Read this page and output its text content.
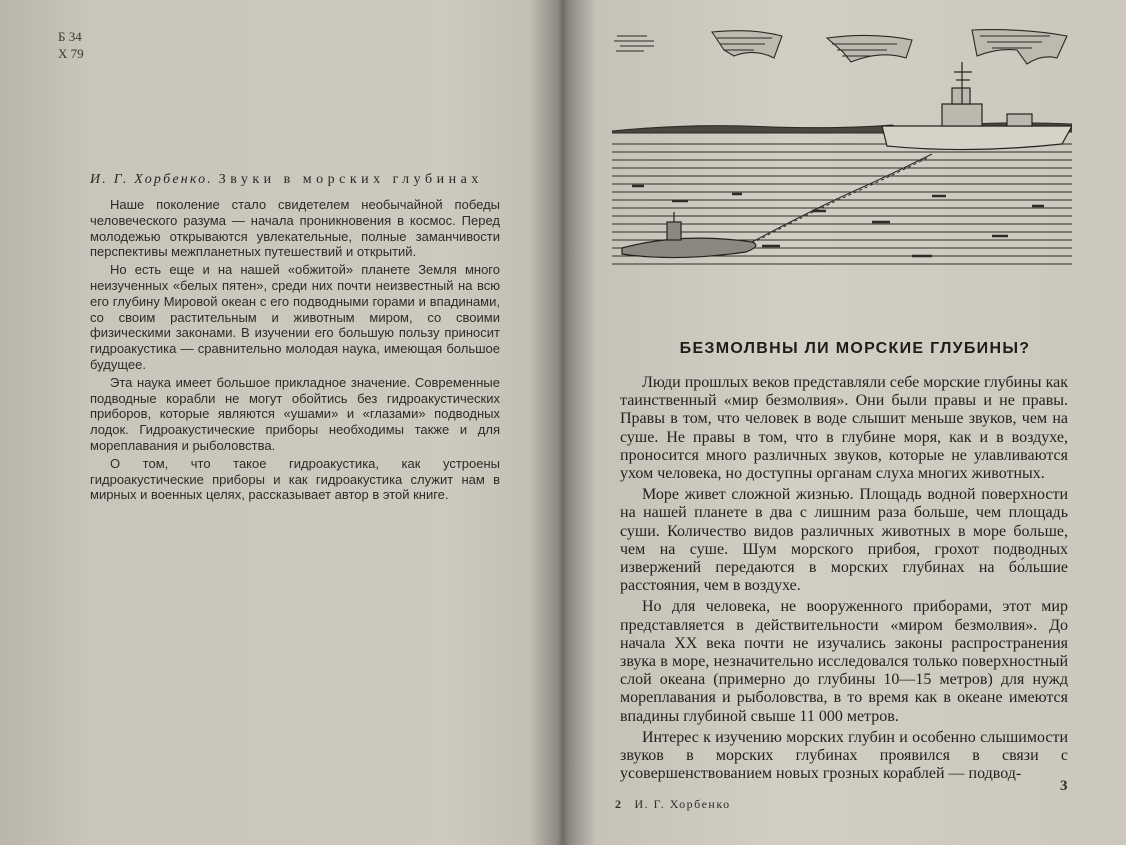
Б 34
Х 79
И. Г. Хорбенко. Звуки в морских глубинах

Наше поколение стало свидетелем необычайной победы человеческого разума — начала проникновения в космос. Перед молодежью открываются увлекательные, полные заманчивости перспективы межпланетных путешествий и открытий.

Но есть еще и на нашей «обжитой» планете Земля много неизученных «белых пятен», среди них почти неизвестный на всю его глубину Мировой океан с его подводными горами и впадинами, со своим растительным и животным миром, со своими физическими законами. В изучении его большую пользу приносит гидроакустика — сравнительно молодая наука, имеющая большое будущее.

Эта наука имеет большое прикладное значение. Современные подводные корабли не могут обойтись без гидроакустических приборов, которые являются «ушами» и «глазами» подводных лодок. Гидроакустические приборы необходимы также и для мореплавания и рыболовства.

О том, что такое гидроакустика, как устроены гидроакустические приборы и как гидроакустика служит нам в мирных и военных целях, рассказывает автор в этой книге.

БЕЗМОЛВНЫ ЛИ МОРСКИЕ ГЛУБИНЫ?

Люди прошлых веков представляли себе морские глубины как таинственный «мир безмолвия». Они были правы и не правы. Правы в том, что человек в воде слышит меньше звуков, чем на суше. Не правы в том, что в глубине моря, как и в воздухе, проносится много различных звуков, которые не улавливаются ухом человека, но доступны органам слуха многих животных.

Море живет сложной жизнью. Площадь водной поверхности на нашей планете в два с лишним раза больше, чем площадь суши. Количество видов различных животных в море больше, чем на суше. Шум морского прибоя, грохот подводных извержений передаются в морских глубинах на бо́льшие расстояния, чем в воздухе.

Но для человека, не вооруженного приборами, этот мир представляется в действительности «миром безмолвия». До начала XX века почти не изучались законы распространения звука в море, незначительно исследовался только поверхностный слой океана (примерно до глубины 10—15 метров) для нужд мореплавания и рыболовства, в то время как в океане имеются впадины глубиной свыше 11 000 метров.

Интерес к изучению морских глубин и особенно слышимости звуков в морских глубинах проявился в связи с усовершенствованием новых грозных кораблей — подвод-

2 И. Г. Хорбенко
3
